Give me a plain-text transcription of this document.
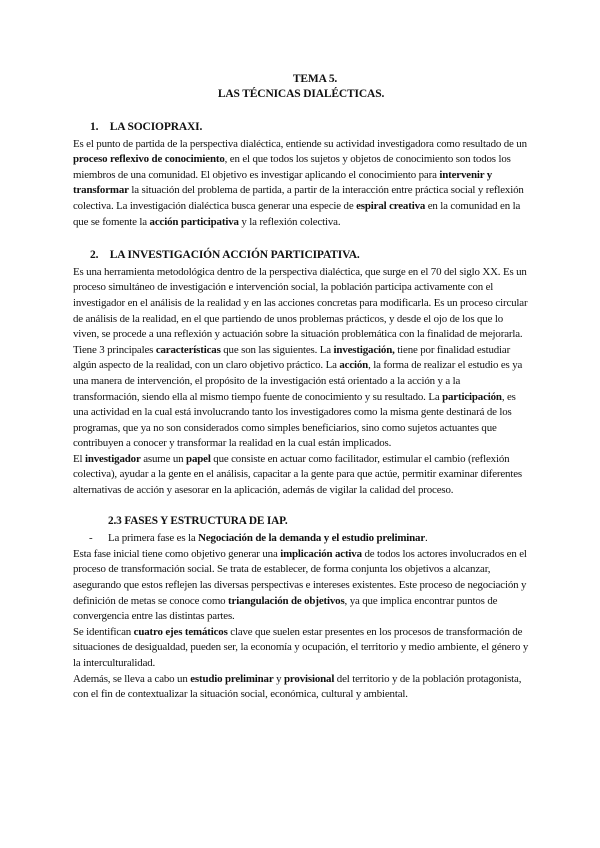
TEMA 5.
LAS TÉCNICAS DIALÉCTICAS.
1. LA SOCIOPRAXI.

Es el punto de partida de la perspectiva dialéctica, entiende su actividad investigadora como resultado de un proceso reflexivo de conocimiento, en el que todos los sujetos y objetos de conocimiento son todos los miembros de una comunidad. El objetivo es investigar aplicando el conocimiento para intervenir y transformar la situación del problema de partida, a partir de la interacción entre práctica social y reflexión colectiva. La investigación dialéctica busca generar una especie de espiral creativa en la comunidad en la que se fomente la acción participativa y la reflexión colectiva.

2. LA INVESTIGACIÓN ACCIÓN PARTICIPATIVA.

Es una herramienta metodológica dentro de la perspectiva dialéctica, que surge en el 70 del siglo XX. Es un proceso simultáneo de investigación e intervención social, la población participa activamente con el investigador en el análisis de la realidad y en las acciones concretas para modificarla. Es un proceso circular de análisis de la realidad, en el que partiendo de unos problemas prácticos, y desde el ojo de los que lo viven, se procede a una reflexión y actuación sobre la situación problemática con la finalidad de mejorarla.

Tiene 3 principales características que son las siguientes. La investigación, tiene por finalidad estudiar algún aspecto de la realidad, con un claro objetivo práctico. La acción, la forma de realizar el estudio es ya una manera de intervención, el propósito de la investigación está orientado a la acción y a la transformación, siendo ella al mismo tiempo fuente de conocimiento y su resultado. La participación, es una actividad en la cual está involucrando tanto los investigadores como la misma gente destinará de los programas, que ya no son considerados como simples beneficiarios, sino como sujetos actuantes que contribuyen a conocer y transformar la realidad en la cual están implicados.

El investigador asume un papel que consiste en actuar como facilitador, estimular el cambio (reflexión colectiva), ayudar a la gente en el análisis, capacitar a la gente para que actúe, permitir examinar diferentes alternativas de acción y asesorar en la aplicación, además de vigilar la calidad del proceso.

2.3 FASES Y ESTRUCTURA DE IAP.

- La primera fase es la Negociación de la demanda y el estudio preliminar.

Esta fase inicial tiene como objetivo generar una implicación activa de todos los actores involucrados en el proceso de transformación social. Se trata de establecer, de forma conjunta los objetivos a alcanzar, asegurando que estos reflejen las diversas perspectivas e intereses existentes. Este proceso de negociación y definición de metas se conoce como triangulación de objetivos, ya que implica encontrar puntos de convergencia entre las distintas partes.

Se identifican cuatro ejes temáticos clave que suelen estar presentes en los procesos de transformación de situaciones de desigualdad, pueden ser, la economía y ocupación, el territorio y medio ambiente, el género y la interculturalidad.

Además, se lleva a cabo un estudio preliminar y provisional del territorio y de la población protagonista, con el fin de contextualizar la situación social, económica, cultural y ambiental.
